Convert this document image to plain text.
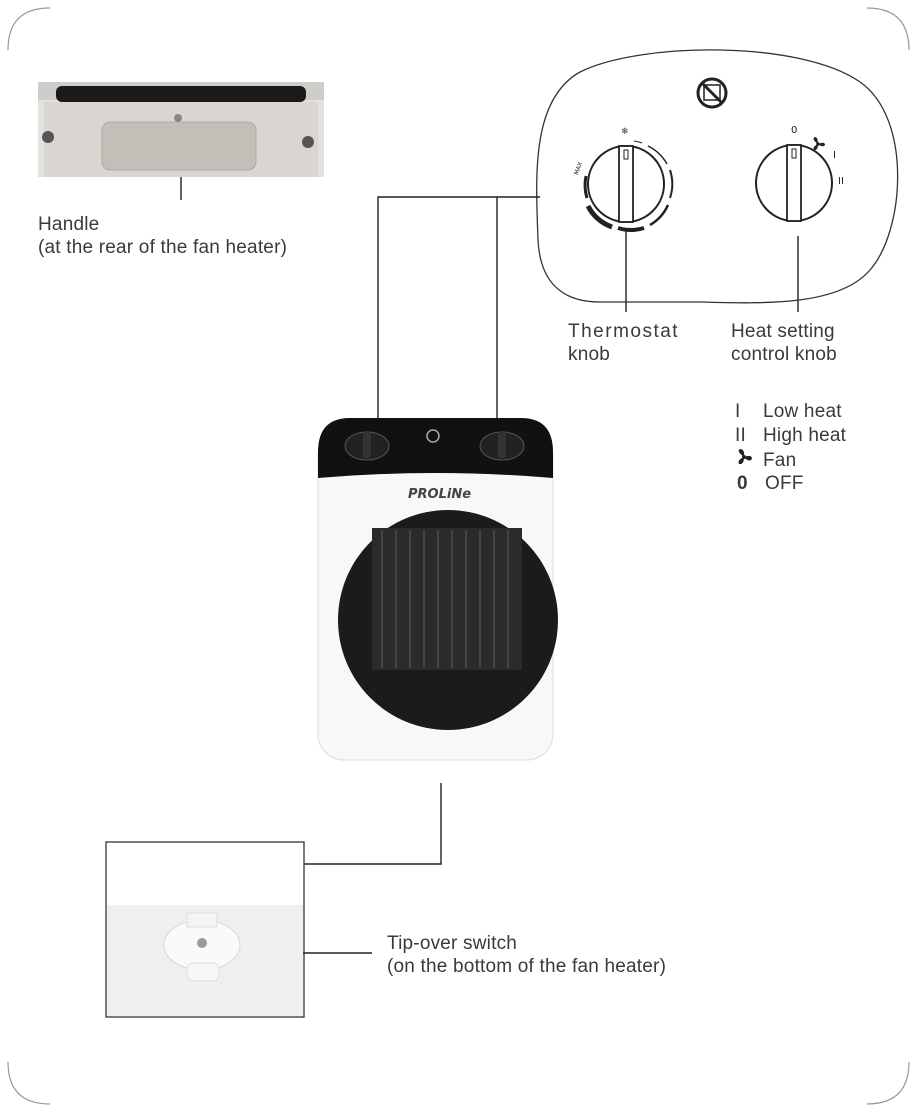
PROLiNe
MAX
❄	0
I
II
Handle
(at the rear of the fan heater)
Thermostat
knob
Heat setting
control knob
I	Low heat
II High heat
Fan
0 OFF
Tip-over switch
(on the bottom of the fan heater)
